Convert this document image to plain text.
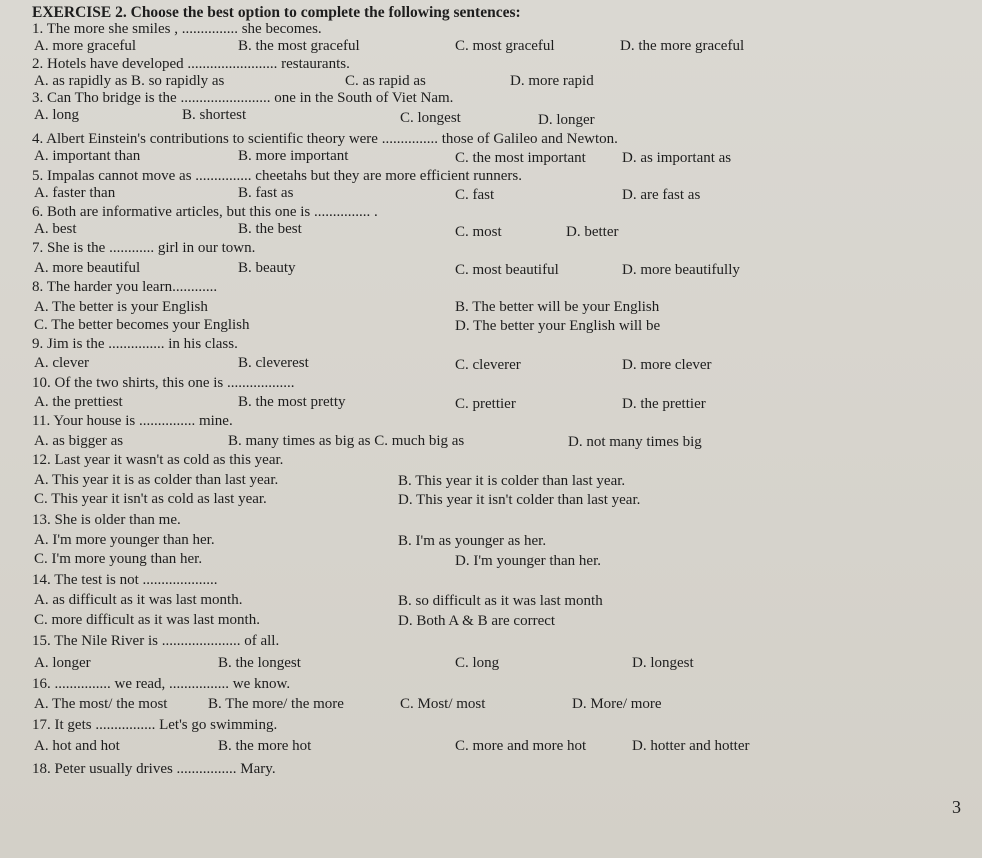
EXERCISE 2. Choose the best option to complete the following sentences:
1. The more she smiles , ............... she becomes.
A. more graceful	B. the most graceful	C. most graceful	D. the more graceful
2. Hotels have developed ........................ restaurants.
A. as rapidly as B. so rapidly as	C. as rapid as	D. more rapid
3. Can Tho bridge is the ........................ one in the South of Viet Nam.
A. long	B. shortest	C. longest	D. longer
4. Albert Einstein's contributions to scientific theory were ............... those of Galileo and Newton.
A. important than	B. more important	C. the most important D. as important as
5. Impalas cannot move as ............... cheetahs but they are more efficient runners.
A. faster than	B. fast as	C. fast	D. are fast as
6. Both are informative articles, but this one is ............... .
A. best	B. the best	C. most	D. better
7. She is the ............ girl in our town.
A. more beautiful	B. beauty	C. most beautiful	D. more beautifully
8. The harder you learn............
A. The better is your English	B. The better will be your English
C. The better becomes your English	D. The better your English will be
9. Jim is the ............... in his class.
A. clever	B. cleverest	C. cleverer	D. more clever
10. Of the two shirts, this one is ..................
A. the prettiest	B. the most pretty	C. prettier	D. the prettier
11. Your house is ............... mine.
A. as bigger as	B. many times as big as C. much big as	D. not many times big
12. Last year it wasn't as cold as this year.
A. This year it is as colder than last year.	B. This year it is colder than last year.
C. This year it isn't as cold as last year.	D. This year it isn't colder than last year.
13. She is older than me.
A. I'm more younger than her.	B. I'm as younger as her.
C. I'm more young than her.	D. I'm younger than her.
14. The test is not ....................
A. as difficult as it was last month.	B. so difficult as it was last month
C. more difficult as it was last month.	D. Both A & B are correct
15. The Nile River is ..................... of all.
A. longer	B. the longest	C. long	D. longest
16. ............... we read, ................ we know.
A. The most/ the most	B. The more/ the more	C. Most/ most	D. More/ more
17. It gets ................ Let's go swimming.
A. hot and hot	B. the more hot	C. more and more hot	D. hotter and hotter
18. Peter usually drives ................ Mary.
3
